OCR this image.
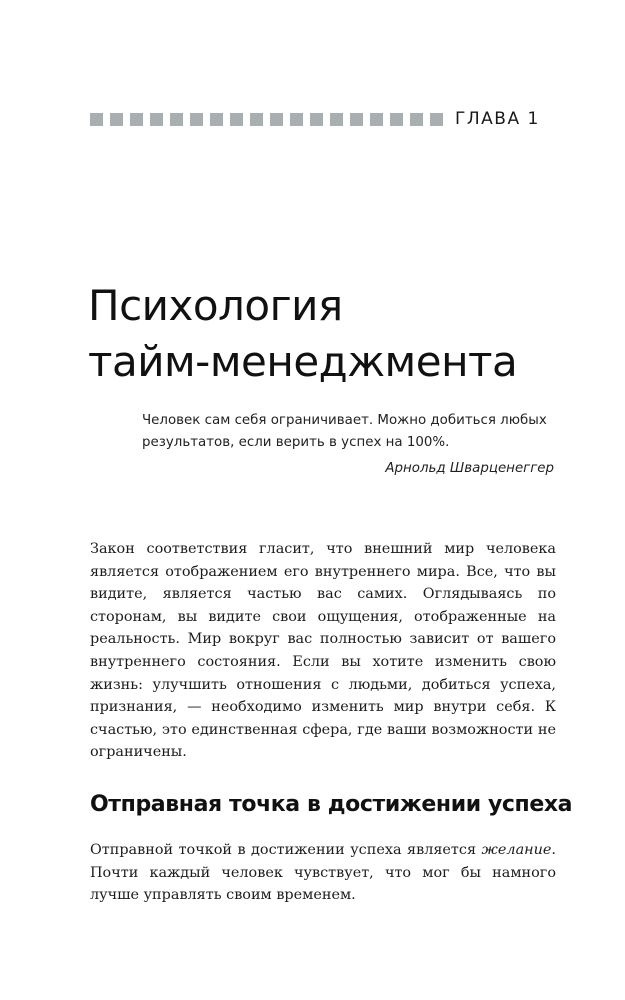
ГЛАВА 1
Психология
тайм-менеджмента
Человек сам себя ограничивает. Можно добиться любых
результатов, если верить в успех на 100%.
Арнольд Шварценеггер

Закон соответствия гласит, что внешний мир человека является отображением его внутреннего мира. Все, что вы видите, является частью вас самих. Оглядываясь по сторонам, вы видите свои ощущения, отображенные на реальность. Мир вокруг вас полностью зависит от вашего внутреннего состояния. Если вы хотите изменить свою жизнь: улучшить отношения с людьми, добиться успеха, признания, — необходимо изменить мир внутри себя. К счастью, это единственная сфера, где ваши возможности не ограничены.

Отправная точка в достижении успеха

Отправной точкой в достижении успеха является желание. Почти каждый человек чувствует, что мог бы намного лучше управлять своим временем.
